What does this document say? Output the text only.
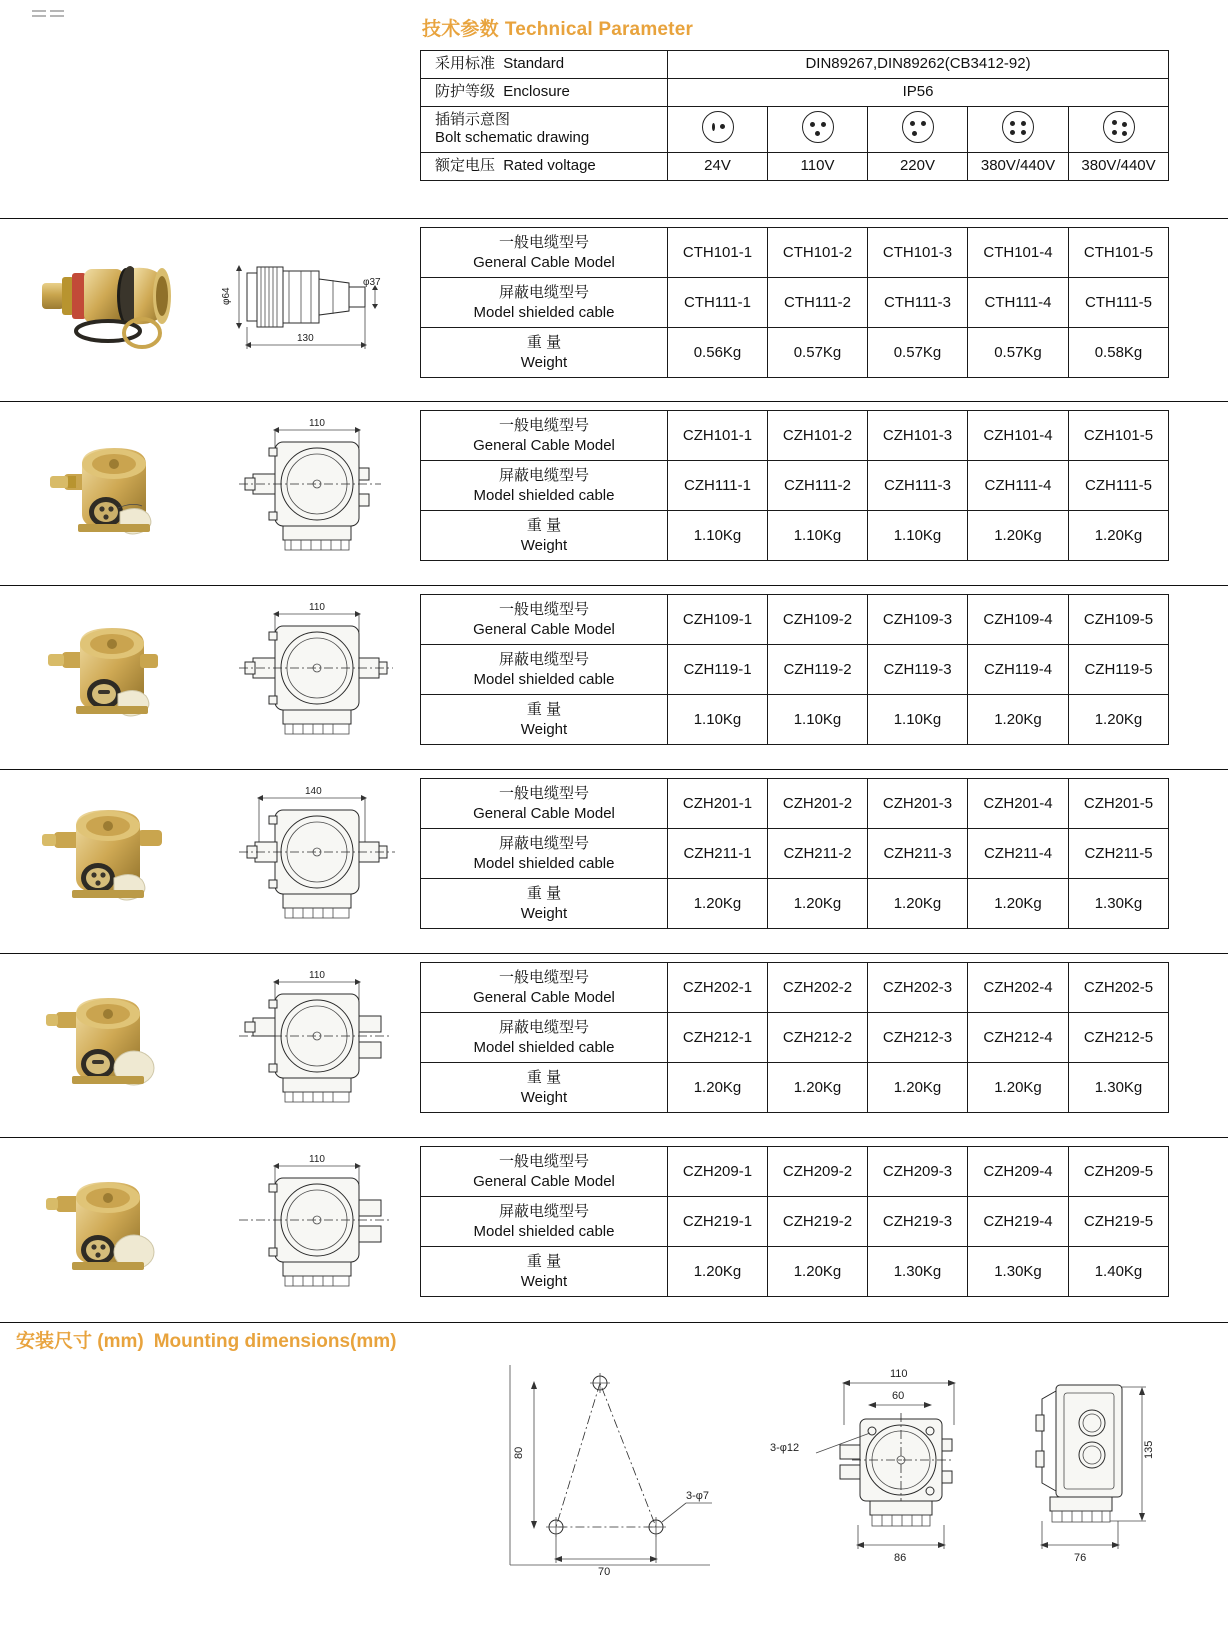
技术参数 Technical Parameter
采用标准 Standard	DIN89267,DIN89262(CB3412-92)				
防护等级 Enclosure	IP56				

插销示意图
Bolt schematic drawing					

额定电压 Rated voltage	24V	110V	220V	380V/440V	380V/440V
φ64
φ37
130
一般电缆型号
General Cable Model	CTH101-1	CTH101-2	CTH101-3	CTH101-4	CTH101-5

屏蔽电缆型号
Model shielded cable	CTH111-1	CTH111-2	CTH111-3	CTH111-4	CTH111-5

重 量
Weight	0.56Kg	0.57Kg	0.57Kg	0.57Kg	0.58Kg
110	一般电缆型号
General Cable Model	CZH101-1	CZH101-2	CZH101-3	CZH101-4	CZH101-5

屏蔽电缆型号
Model shielded cable	CZH111-1	CZH111-2	CZH111-3	CZH111-4	CZH111-5

重 量
Weight	1.10Kg	1.10Kg	1.10Kg	1.20Kg	1.20Kg
110	一般电缆型号
General Cable Model	CZH109-1	CZH109-2	CZH109-3	CZH109-4	CZH109-5

屏蔽电缆型号
Model shielded cable	CZH119-1	CZH119-2	CZH119-3	CZH119-4	CZH119-5

重 量
Weight	1.10Kg	1.10Kg	1.10Kg	1.20Kg	1.20Kg
140	一般电缆型号
General Cable Model	CZH201-1	CZH201-2	CZH201-3	CZH201-4	CZH201-5

屏蔽电缆型号
Model shielded cable	CZH211-1	CZH211-2	CZH211-3	CZH211-4	CZH211-5

重 量
Weight	1.20Kg	1.20Kg	1.20Kg	1.20Kg	1.30Kg
110	一般电缆型号
General Cable Model	CZH202-1	CZH202-2	CZH202-3	CZH202-4	CZH202-5

屏蔽电缆型号
Model shielded cable	CZH212-1	CZH212-2	CZH212-3	CZH212-4	CZH212-5

重 量
Weight	1.20Kg	1.20Kg	1.20Kg	1.20Kg	1.30Kg
110	一般电缆型号
General Cable Model	CZH209-1	CZH209-2	CZH209-3	CZH209-4	CZH209-5

屏蔽电缆型号
Model shielded cable	CZH219-1	CZH219-2	CZH219-3	CZH219-4	CZH219-5

重 量
Weight	1.20Kg	1.20Kg	1.30Kg	1.30Kg	1.40Kg
安装尺寸 (mm) Mounting dimensions(mm)
80
3-φ7
70
110
60
3-φ12
86
135
76
